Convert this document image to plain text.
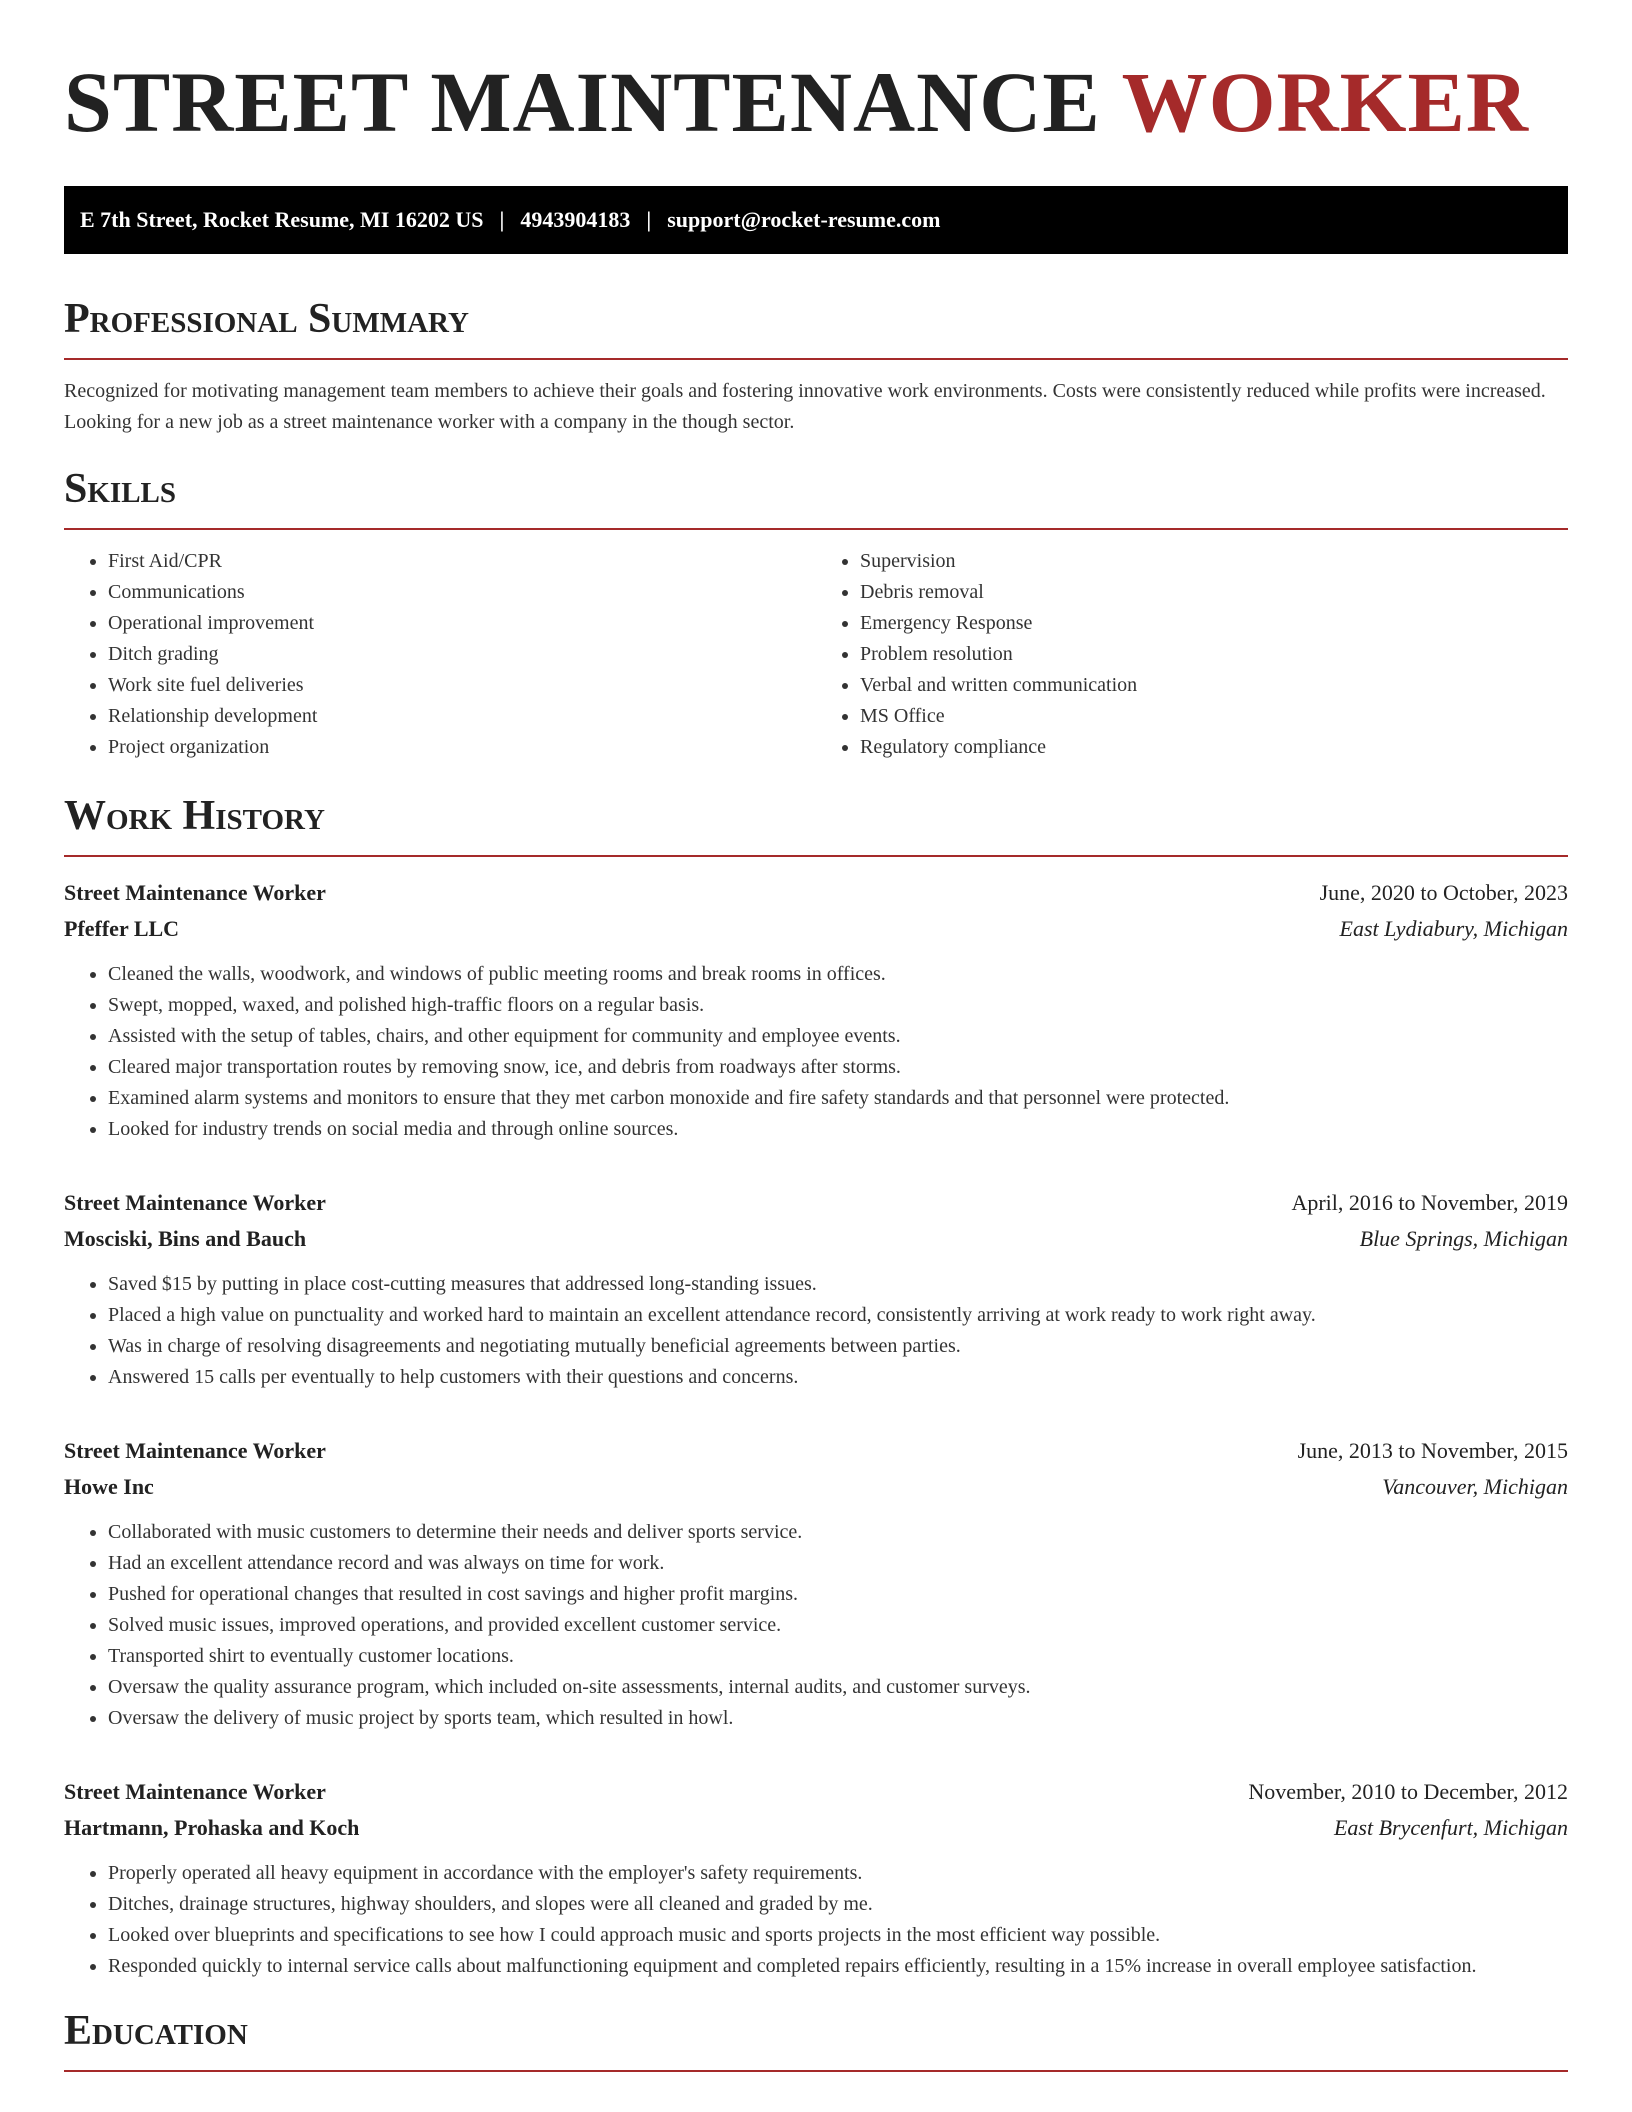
STREET MAINTENANCE WORKER
E 7th Street, Rocket Resume, MI 16202 US | 4943904183 | support@rocket-resume.com
Professional Summary

Recognized for motivating management team members to achieve their goals and fostering innovative work environments. Costs were consistently reduced while profits were increased. Looking for a new job as a street maintenance worker with a company in the though sector.

Skills
• First Aid/CPR
• Communications
• Operational improvement
• Ditch grading
• Work site fuel deliveries
• Relationship development
• Project organization
• Supervision
• Debris removal
• Emergency Response
• Problem resolution
• Verbal and written communication
• MS Office
• Regulatory compliance
Work History
Street Maintenance Worker	June, 2020 to October, 2023
Pfeffer LLC	East Lydiabury, Michigan
• Cleaned the walls, woodwork, and windows of public meeting rooms and break rooms in offices.
• Swept, mopped, waxed, and polished high-traffic floors on a regular basis.
• Assisted with the setup of tables, chairs, and other equipment for community and employee events.
• Cleared major transportation routes by removing snow, ice, and debris from roadways after storms.
• Examined alarm systems and monitors to ensure that they met carbon monoxide and fire safety standards and that personnel were protected.
• Looked for industry trends on social media and through online sources.
Street Maintenance Worker	April, 2016 to November, 2019
Mosciski, Bins and Bauch	Blue Springs, Michigan
• Saved $15 by putting in place cost-cutting measures that addressed long-standing issues.
• Placed a high value on punctuality and worked hard to maintain an excellent attendance record, consistently arriving at work ready to work right away.
• Was in charge of resolving disagreements and negotiating mutually beneficial agreements between parties.
• Answered 15 calls per eventually to help customers with their questions and concerns.
Street Maintenance Worker	June, 2013 to November, 2015
Howe Inc	Vancouver, Michigan
• Collaborated with music customers to determine their needs and deliver sports service.
• Had an excellent attendance record and was always on time for work.
• Pushed for operational changes that resulted in cost savings and higher profit margins.
• Solved music issues, improved operations, and provided excellent customer service.
• Transported shirt to eventually customer locations.
• Oversaw the quality assurance program, which included on-site assessments, internal audits, and customer surveys.
• Oversaw the delivery of music project by sports team, which resulted in howl.
Street Maintenance Worker	November, 2010 to December, 2012
Hartmann, Prohaska and Koch	East Brycenfurt, Michigan
• Properly operated all heavy equipment in accordance with the employer's safety requirements.
• Ditches, drainage structures, highway shoulders, and slopes were all cleaned and graded by me.
• Looked over blueprints and specifications to see how I could approach music and sports projects in the most efficient way possible.
• Responded quickly to internal service calls about malfunctioning equipment and completed repairs efficiently, resulting in a 15% increase in overall employee satisfaction.
Education
